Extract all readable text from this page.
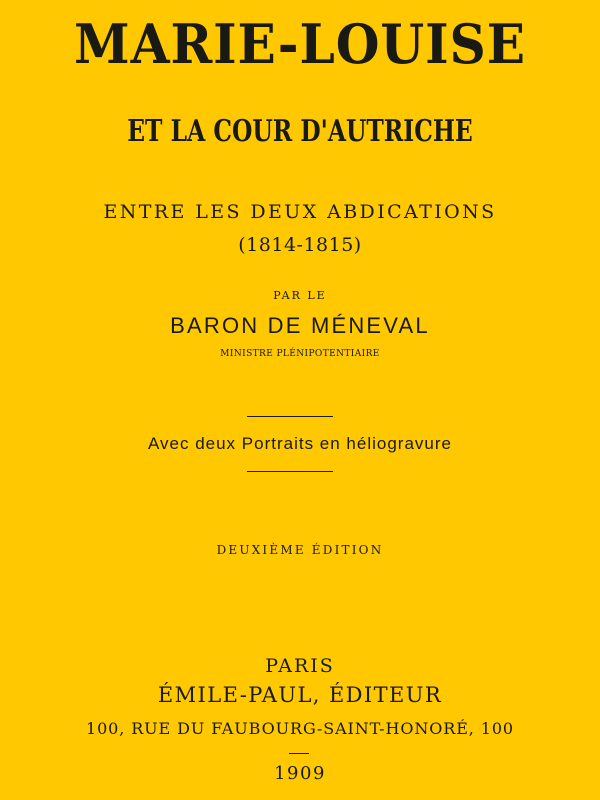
MARIE-LOUISE
ET LA COUR D'AUTRICHE
ENTRE LES DEUX ABDICATIONS
(1814-1815)
PAR LE
BARON DE MÉNEVAL
MINISTRE PLÉNIPOTENTIAIRE
Avec deux Portraits en héliogravure
DEUXIÈME ÉDITION
PARIS
ÉMILE-PAUL, ÉDITEUR
100, RUE DU FAUBOURG-SAINT-HONORÉ, 100
1909
